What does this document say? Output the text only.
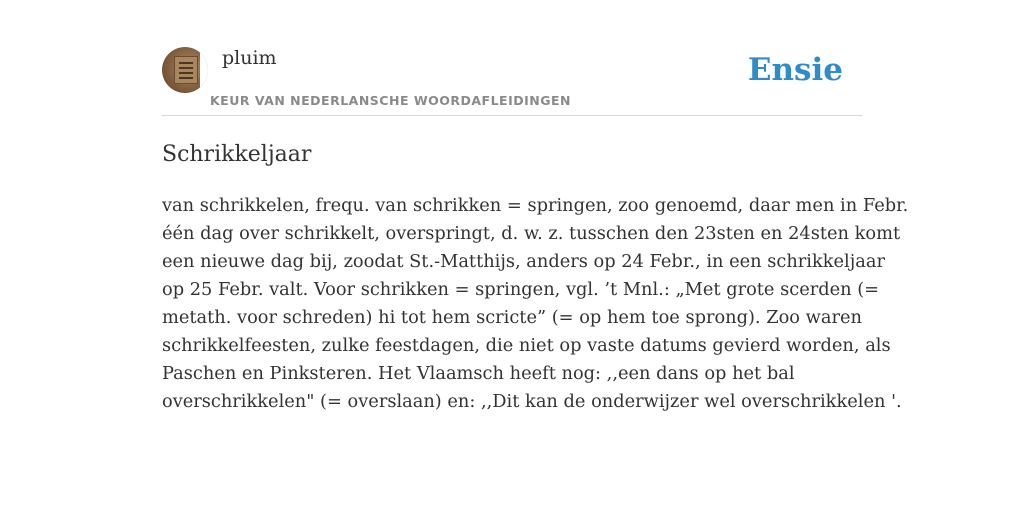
pluim
KEUR VAN NEDERLANSCHE WOORDAFLEIDINGEN
Ensie
Schrikkeljaar

van schrikkelen, frequ. van schrikken = springen, zoo genoemd, daar men in Febr.
één dag over schrikkelt, overspringt, d. w. z. tusschen den 23sten en 24sten komt
een nieuwe dag bij, zoodat St.-Matthijs, anders op 24 Febr., in een schrikkeljaar
op 25 Febr. valt. Voor schrikken = springen, vgl. ’t Mnl.: „Met grote scerden (=
metath. voor schreden) hi tot hem scricte” (= op hem toe sprong). Zoo waren
schrikkelfeesten, zulke feestdagen, die niet op vaste datums gevierd worden, als
Paschen en Pinksteren. Het Vlaamsch heeft nog: ,,een dans op het bal
overschrikkelen" (= overslaan) en: ,,Dit kan de onderwijzer wel overschrikkelen '.
